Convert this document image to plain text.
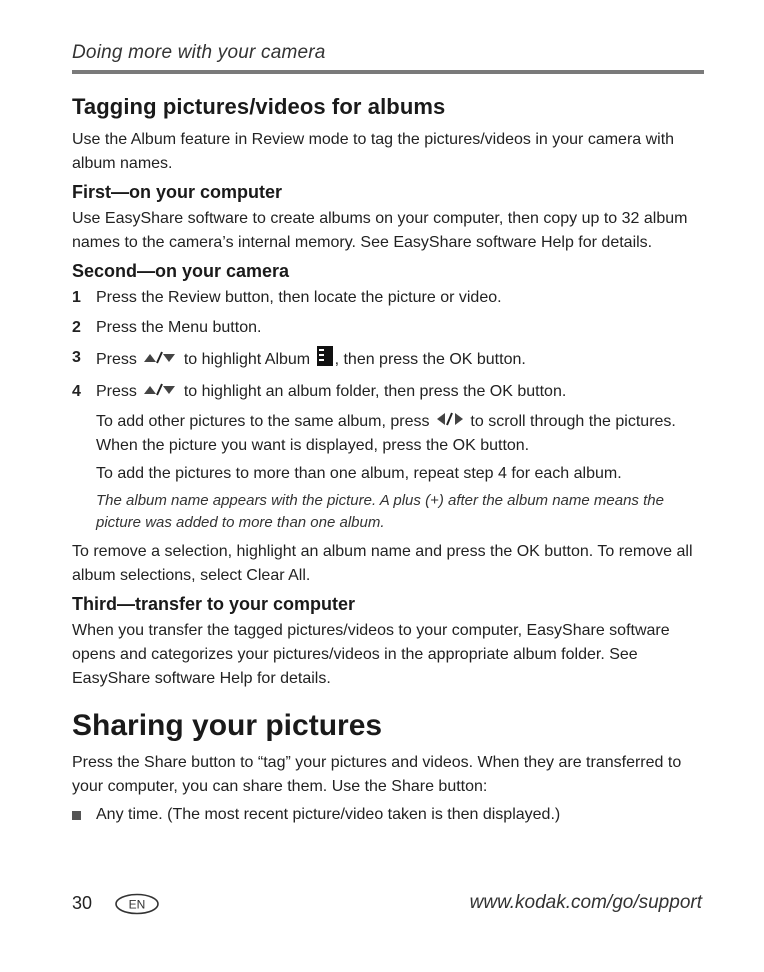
Doing more with your camera
Tagging pictures/videos for albums

Use the Album feature in Review mode to tag the pictures/videos in your camera with album names.

First—on your computer

Use EasyShare software to create albums on your computer, then copy up to 32 album names to the camera’s internal memory. See EasyShare software Help for details.

Second—on your camera
1 Press the Review button, then locate the picture or video.
2 Press the Menu button.
3 Press	to highlight Album , then press the OK button.
4 Press	to highlight an album folder, then press the OK button.
To add other pictures to the same album, press	to scroll through the pictures. When the picture you want is displayed, press the OK button.
To add the pictures to more than one album, repeat step 4 for each album.
The album name appears with the picture. A plus (+) after the album name means the picture was added to more than one album.

To remove a selection, highlight an album name and press the OK button. To remove all album selections, select Clear All.

Third—transfer to your computer

When you transfer the tagged pictures/videos to your computer, EasyShare software opens and categorizes your pictures/videos in the appropriate album folder. See EasyShare software Help for details.

Sharing your pictures

Press the Share button to “tag” your pictures and videos. When they are transferred to your computer, you can share them. Use the Share button:

Any time. (The most recent picture/video taken is then displayed.)
30	EN	www.kodak.com/go/support
